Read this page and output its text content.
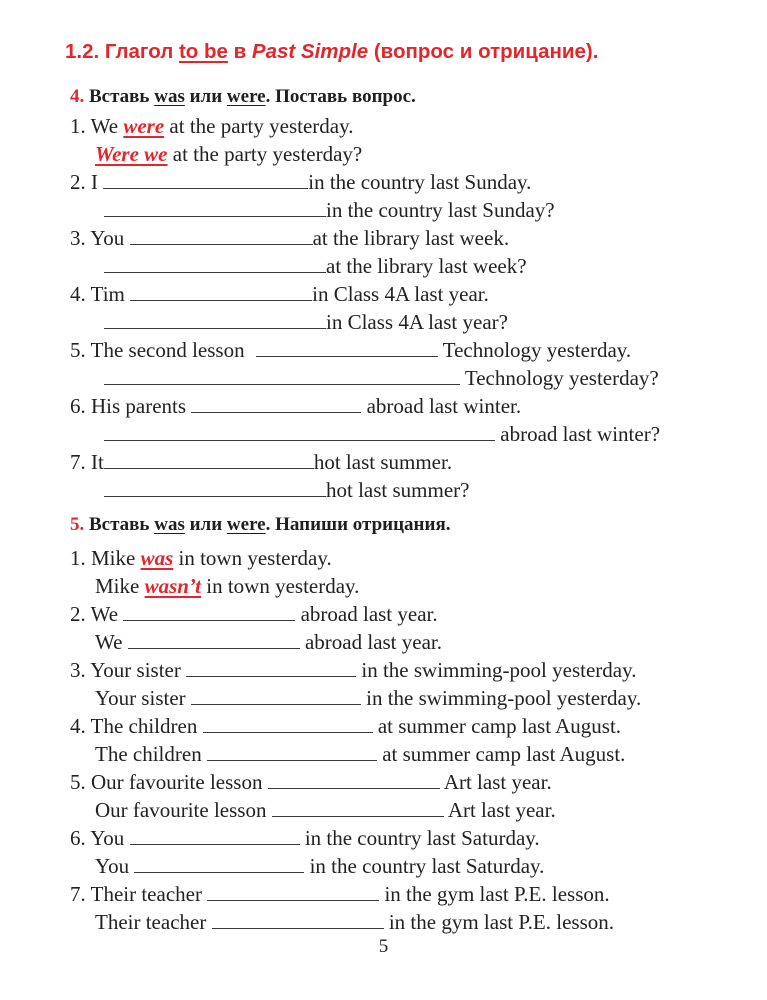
1.2. Глагол to be в Past Simple (вопрос и отрицание).
4. Вставь was или were. Поставь вопрос.
1. We were at the party yesterday.
Were we at the party yesterday?
2. I	in the country last Sunday.
in the country last Sunday?
3. You	at the library last week.
at the library last week?
4. Tim	in Class 4A last year.
in Class 4A last year?
5. The second lesson	Technology yesterday.
Technology yesterday?
6. His parents	abroad last winter.
abroad last winter?
7. It	hot last summer.
hot last summer?
5. Вставь was или were. Напиши отрицания.
1. Mike was in town yesterday.
Mike wasn’t in town yesterday.
2. We	abroad last year.
We	abroad last year.
3. Your sister	in the swimming-pool yesterday.
Your sister	in the swimming-pool yesterday.
4. The children	at summer camp last August.
The children	at summer camp last August.
5. Our favourite lesson	Art last year.
Our favourite lesson	Art last year.
6. You	in the country last Saturday.
You	in the country last Saturday.
7. Their teacher	in the gym last P.E. lesson.
Their teacher	in the gym last P.E. lesson.
5
